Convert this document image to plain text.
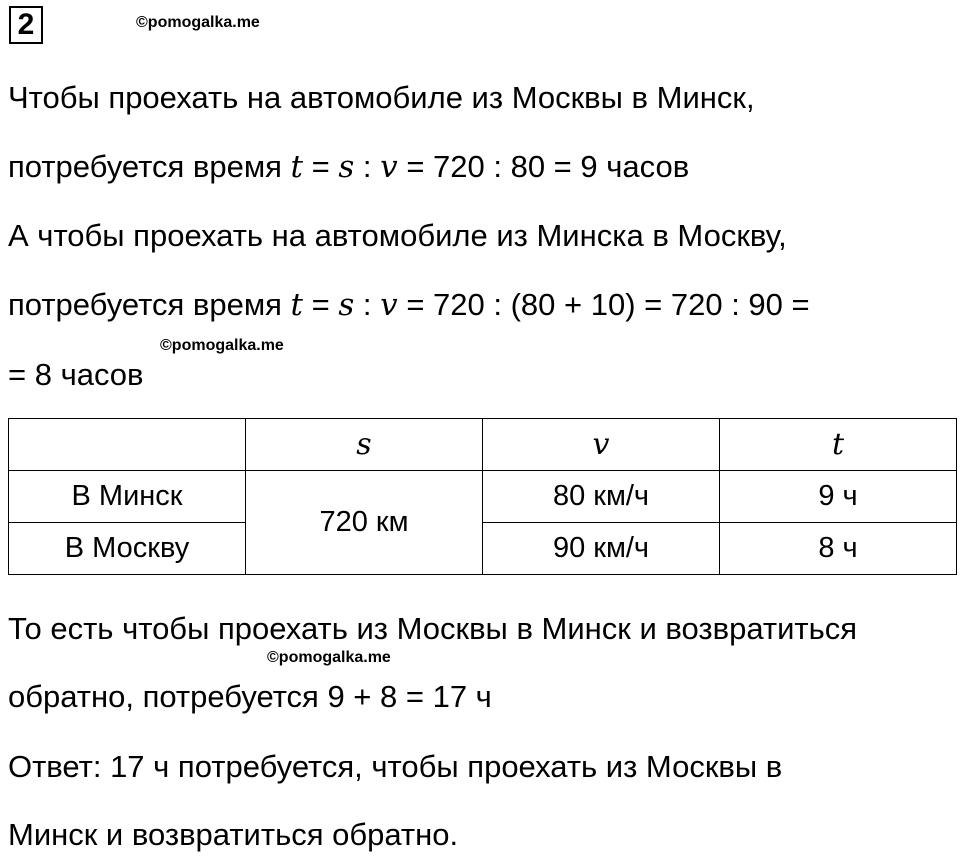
2	©pomogalka.me
Чтобы проехать на автомобиле из Москвы в Минск,
потребуется время t = s : v = 720 : 80 = 9 часов
А чтобы проехать на автомобиле из Минска в Москву,
потребуется время t = s : v = 720 : (80 + 10) = 720 : 90 =
©pomogalka.me
= 8 часов
	s	v	t
В Минск	720 км	80 км/ч	9 ч
В Москву		90 км/ч	8 ч
То есть чтобы проехать из Москвы в Минск и возвратиться
©pomogalka.me
обратно, потребуется 9 + 8 = 17 ч
Ответ: 17 ч потребуется, чтобы проехать из Москвы в
Минск и возвратиться обратно.
